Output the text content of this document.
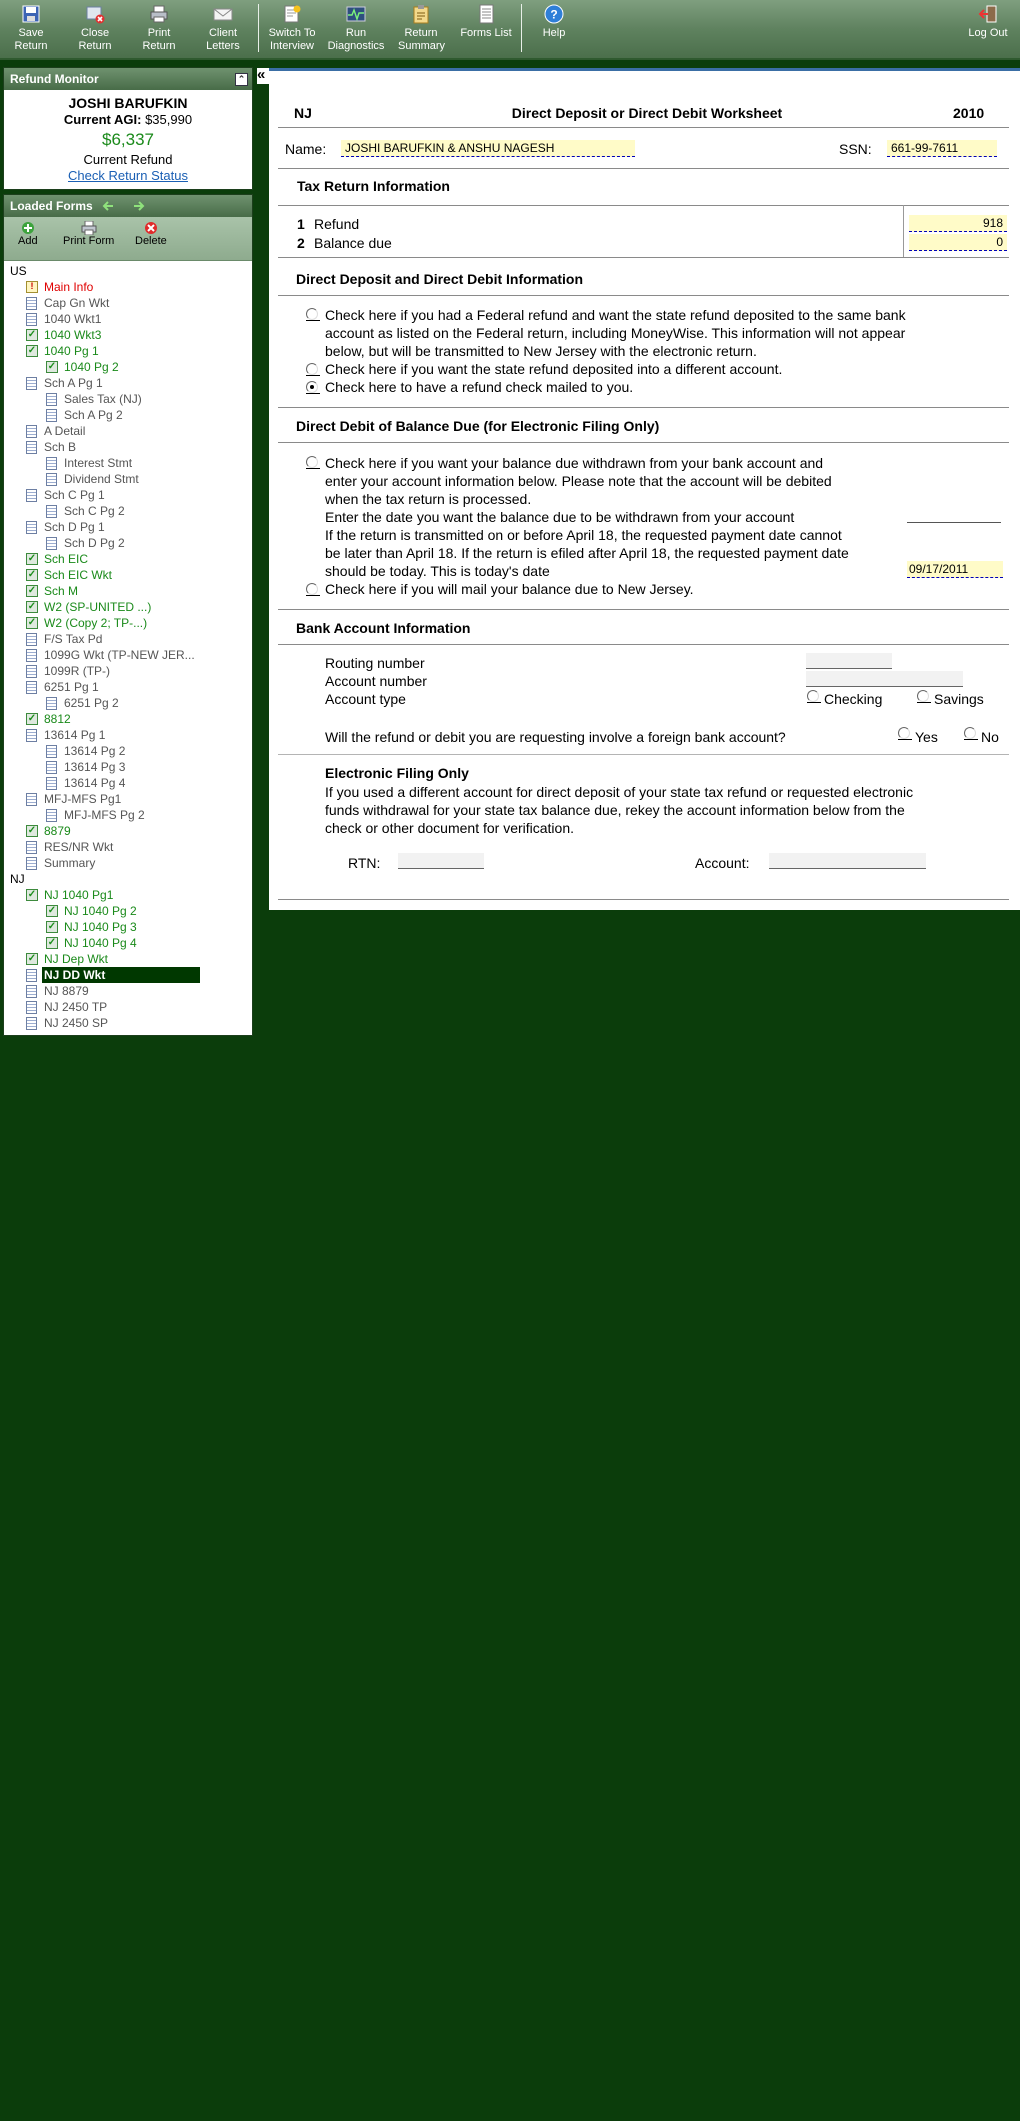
Save Return
Close Return
Print Return
Client Letters
Switch To Interview
Run Diagnostics
Return Summary
Forms List
?
Help	Log Out
Refund Monitor	⌃
JOSHI BARUFKIN
Current AGI: $35,990
$6,337
Current Refund
Check Return Status
Loaded Forms
Add Print Form Delete
US
! Main Info
Cap Gn Wkt
1040 Wkt1
✓ 1040 Wkt3
✓ 1040 Pg 1
✓ 1040 Pg 2
Sch A Pg 1
Sales Tax (NJ)
Sch A Pg 2
A Detail
Sch B
Interest Stmt
Dividend Stmt
Sch C Pg 1
Sch C Pg 2
Sch D Pg 1
Sch D Pg 2
✓ Sch EIC
✓ Sch EIC Wkt
✓ Sch M
✓ W2 (SP-UNITED ...)
✓ W2 (Copy 2; TP-...)
F/S Tax Pd
1099G Wkt (TP-NEW JER...
1099R (TP-)
6251 Pg 1
6251 Pg 2
✓ 8812
13614 Pg 1
13614 Pg 2
13614 Pg 3
13614 Pg 4
MFJ-MFS Pg1
MFJ-MFS Pg 2
✓ 8879
RES/NR Wkt
Summary
NJ
✓ NJ 1040 Pg1
✓ NJ 1040 Pg 2
✓ NJ 1040 Pg 3
✓ NJ 1040 Pg 4
✓ NJ Dep Wkt
NJ DD Wkt
NJ 8879
NJ 2450 TP
NJ 2450 SP
«
NJ	Direct Deposit or Direct Debit Worksheet	2010
Name:	JOSHI BARUFKIN & ANSHU NAGESH	SSN:	661-99-7611
Tax Return Information
1 Refund	918
2 Balance due	0
Direct Deposit and Direct Debit Information
Check here if you had a Federal refund and want the state refund deposited to the same bank
account as listed on the Federal return, including MoneyWise. This information will not appear
below, but will be transmitted to New Jersey with the electronic return.
Check here if you want the state refund deposited into a different account.
Check here to have a refund check mailed to you.
Direct Debit of Balance Due (for Electronic Filing Only)
Check here if you want your balance due withdrawn from your bank account and
enter your account information below. Please note that the account will be debited
when the tax return is processed.
Enter the date you want the balance due to be withdrawn from your account
If the return is transmitted on or before April 18, the requested payment date cannot
be later than April 18. If the return is efiled after April 18, the requested payment date
should be today. This is today's date	09/17/2011
Check here if you will mail your balance due to New Jersey.
Bank Account Information
Routing number
Account number
Account type	Checking	Savings
Will the refund or debit you are requesting involve a foreign bank account?	Yes	No
Electronic Filing Only
If you used a different account for direct deposit of your state tax refund or requested electronic
funds withdrawal for your state tax balance due, rekey the account information below from the
check or other document for verification.
RTN:	Account:
